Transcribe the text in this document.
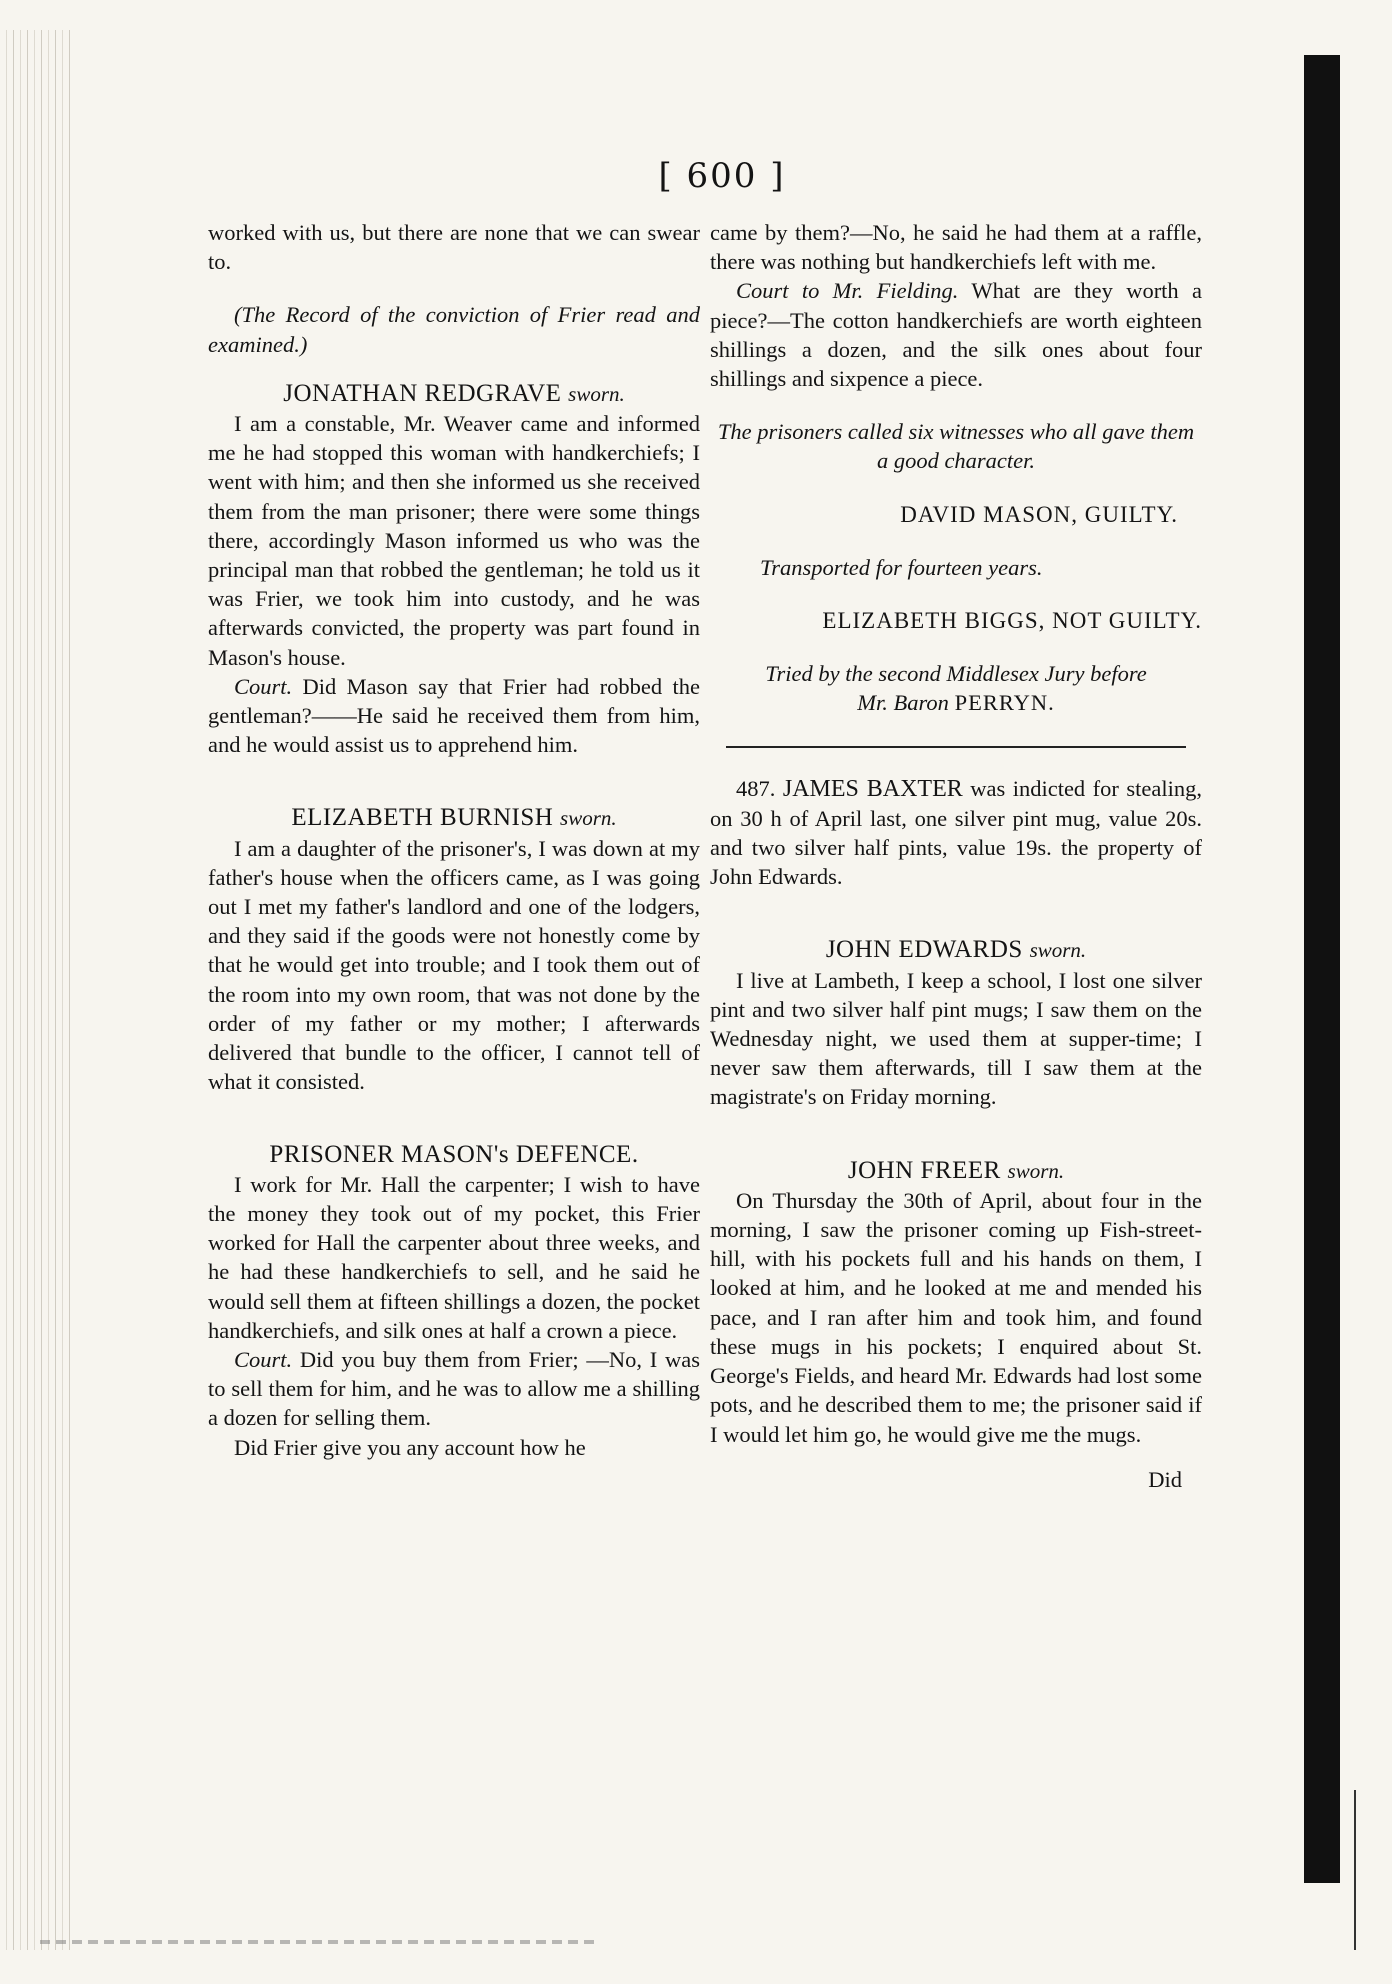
[ 600 ]

worked with us, but there are none that we can swear to.

(The Record of the conviction of Frier read and examined.)

JONATHAN REDGRAVE sworn.

I am a constable, Mr. Weaver came and informed me he had stopped this woman with handkerchiefs; I went with him; and then she informed us she received them from the man prisoner; there were some things there, accordingly Mason informed us who was the principal man that robbed the gentleman; he told us it was Frier, we took him into custody, and he was afterwards convicted, the property was part found in Mason's house.

Court. Did Mason say that Frier had robbed the gentleman?——He said he received them from him, and he would assist us to apprehend him.

ELIZABETH BURNISH sworn.

I am a daughter of the prisoner's, I was down at my father's house when the officers came, as I was going out I met my father's landlord and one of the lodgers, and they said if the goods were not honestly come by that he would get into trouble; and I took them out of the room into my own room, that was not done by the order of my father or my mother; I afterwards delivered that bundle to the officer, I cannot tell of what it consisted.

PRISONER MASON's DEFENCE.

I work for Mr. Hall the carpenter; I wish to have the money they took out of my pocket, this Frier worked for Hall the carpenter about three weeks, and he had these handkerchiefs to sell, and he said he would sell them at fifteen shillings a dozen, the pocket handkerchiefs, and silk ones at half a crown a piece.

Court. Did you buy them from Frier; —No, I was to sell them for him, and he was to allow me a shilling a dozen for selling them.

Did Frier give you any account how he

came by them?—No, he said he had them at a raffle, there was nothing but handkerchiefs left with me.

Court to Mr. Fielding. What are they worth a piece?—The cotton handkerchiefs are worth eighteen shillings a dozen, and the silk ones about four shillings and sixpence a piece.

The prisoners called six witnesses who all gave them a good character.

DAVID MASON, GUILTY.

Transported for fourteen years.

ELIZABETH BIGGS, NOT GUILTY.

Tried by the second Middlesex Jury before

Mr. Baron PERRYN.

487. JAMES BAXTER was indicted for stealing, on 30 h of April last, one silver pint mug, value 20s. and two silver half pints, value 19s. the property of John Edwards.

JOHN EDWARDS sworn.

I live at Lambeth, I keep a school, I lost one silver pint and two silver half pint mugs; I saw them on the Wednesday night, we used them at supper-time; I never saw them afterwards, till I saw them at the magistrate's on Friday morning.

JOHN FREER sworn.

On Thursday the 30th of April, about four in the morning, I saw the prisoner coming up Fish-street-hill, with his pockets full and his hands on them, I looked at him, and he looked at me and mended his pace, and I ran after him and took him, and found these mugs in his pockets; I enquired about St. George's Fields, and heard Mr. Edwards had lost some pots, and he described them to me; the prisoner said if I would let him go, he would give me the mugs.

Did
